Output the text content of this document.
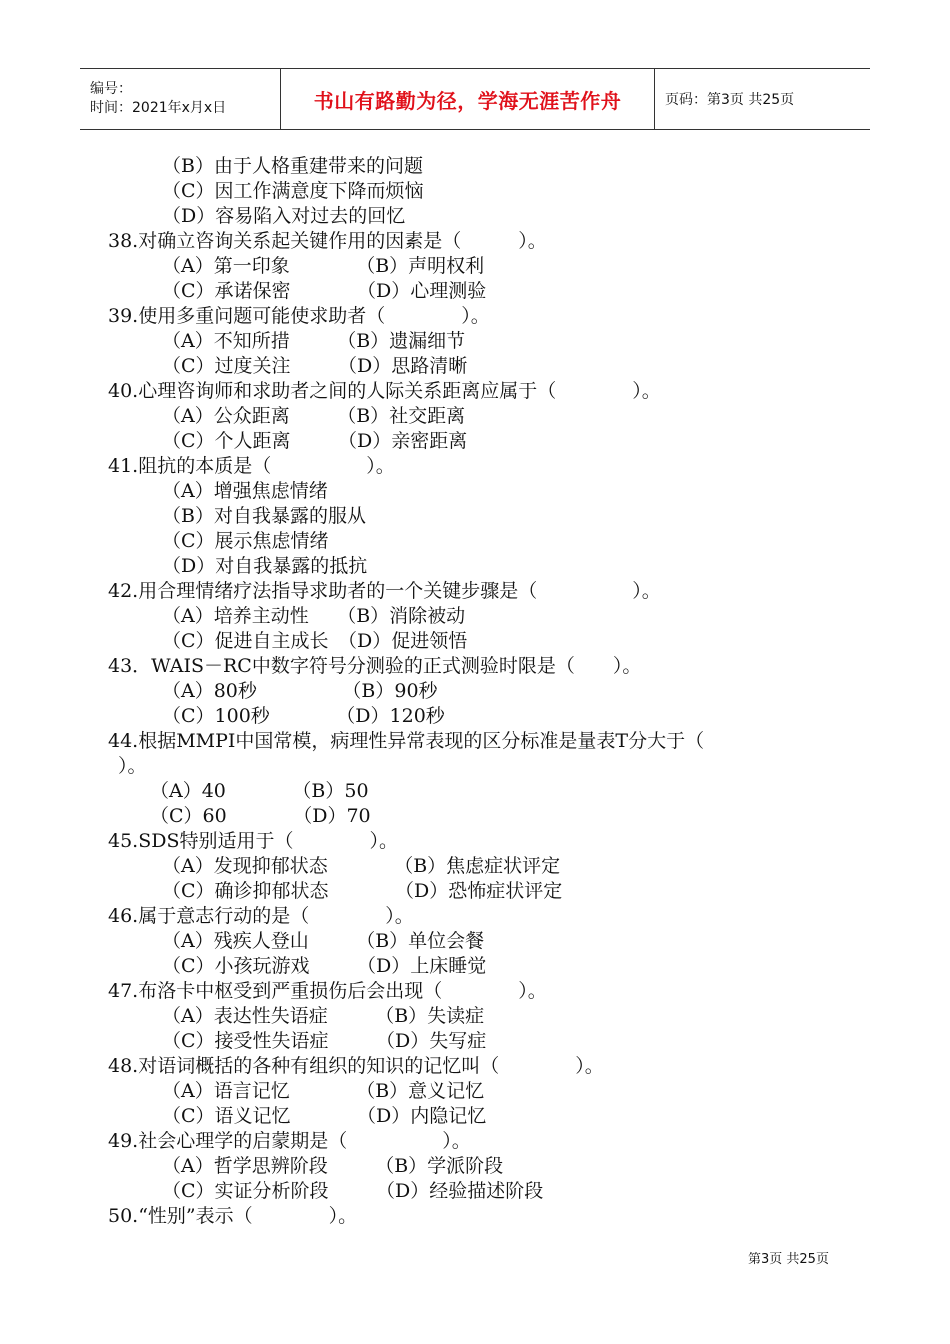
编号：
时间：2021年x月x日	书山有路勤为径，学海无涯苦作舟	页码：第3页 共25页
（B）由于人格重建带来的问题
（C）因工作满意度下降而烦恼
（D）容易陷入对过去的回忆
38.对确立咨询关系起关键作用的因素是（　　　）。
（A）第一印象　　　　（B）声明权利
（C）承诺保密　　　　（D）心理测验
39.使用多重问题可能使求助者（　　　　）。
（A）不知所措　　　（B）遗漏细节
（C）过度关注　　　（D）思路清晰
40.心理咨询师和求助者之间的人际关系距离应属于（　　　　）。
（A）公众距离　　　（B）社交距离
（C）个人距离　　　（D）亲密距离
41.阻抗的本质是（　　　　　）。
（A）增强焦虑情绪
（B）对自我暴露的服从
（C）展示焦虑情绪
（D）对自我暴露的抵抗
42.用合理情绪疗法指导求助者的一个关键步骤是（　　　　　）。
（A）培养主动性　　（B）消除被动
（C）促进自主成长　（D）促进领悟
43．WAIS－RC中数字符号分测验的正式测验时限是（　　）。
（A）80秒　　　　　（B）90秒
（C）100秒　　　　（D）120秒
44.根据MMPI中国常模，病理性异常表现的区分标准是量表T分大于（
）。
（A）40　　　　（B）50
（C）60　　　　（D）70
45.SDS特别适用于（　　　　）。
（A）发现抑郁状态　　　　（B）焦虑症状评定
（C）确诊抑郁状态　　　　（D）恐怖症状评定
46.属于意志行动的是（　　　　）。
（A）残疾人登山　　　（B）单位会餐
（C）小孩玩游戏　　　（D）上床睡觉
47.布洛卡中枢受到严重损伤后会出现（　　　　）。
（A）表达性失语症　　　（B）失读症
（C）接受性失语症　　　（D）失写症
48.对语词概括的各种有组织的知识的记忆叫（　　　　）。
（A）语言记忆　　　　（B）意义记忆
（C）语义记忆　　　　（D）内隐记忆
49.社会心理学的启蒙期是（　　　　　）。
（A）哲学思辨阶段　　　（B）学派阶段
（C）实证分析阶段　　　（D）经验描述阶段
50.“性别”表示（　　　　）。
第3页 共25页
